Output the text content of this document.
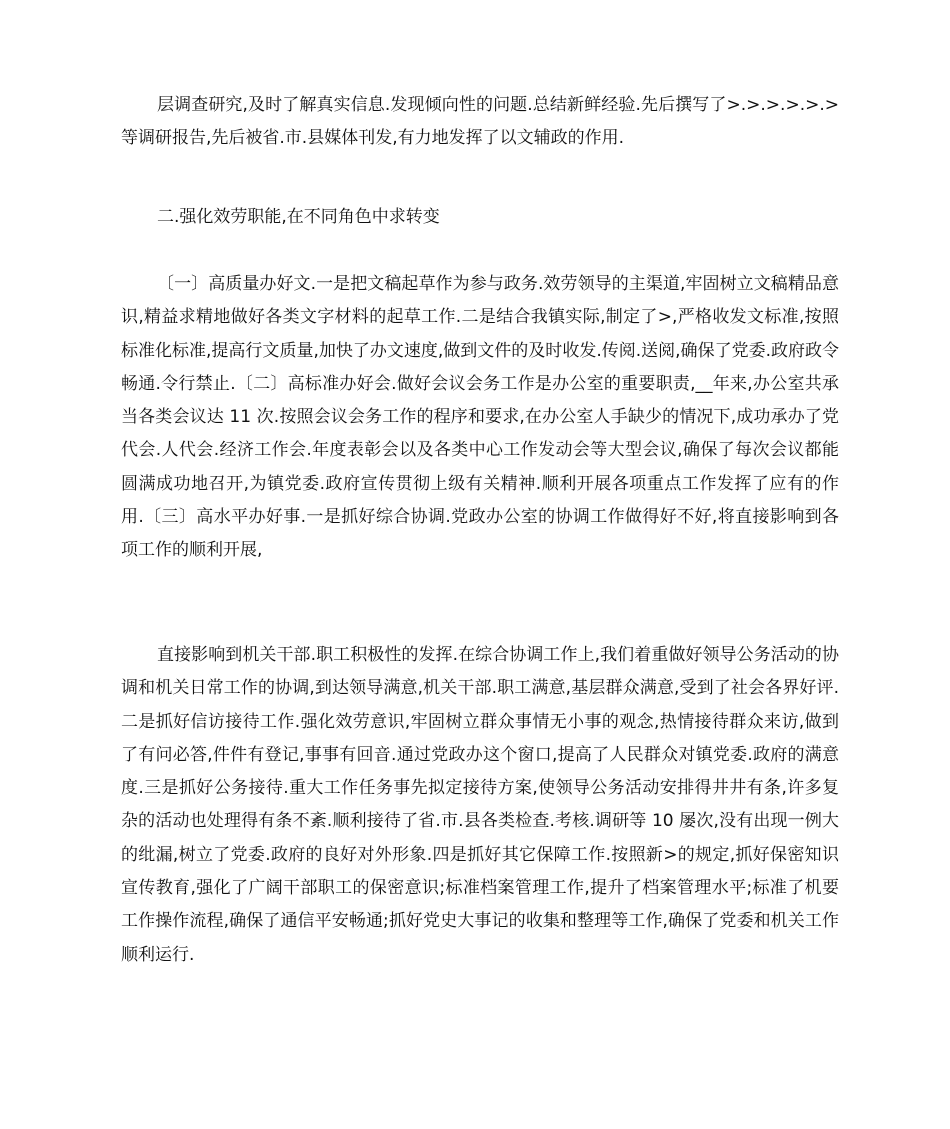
层调查研究,及时了解真实信息.发现倾向性的问题.总结新鲜经验.先后撰写了>.>.>.>.>.>等调研报告,先后被省.市.县媒体刊发,有力地发挥了以文辅政的作用.

二.强化效劳职能,在不同角色中求转变

〔一〕高质量办好文.一是把文稿起草作为参与政务.效劳领导的主渠道,牢固树立文稿精品意识,精益求精地做好各类文字材料的起草工作.二是结合我镇实际,制定了>,严格收发文标准,按照标准化标准,提高行文质量,加快了办文速度,做到文件的及时收发.传阅.送阅,确保了党委.政府政令畅通.令行禁止.〔二〕高标准办好会.做好会议会务工作是办公室的重要职责,__年来,办公室共承当各类会议达 11 次.按照会议会务工作的程序和要求,在办公室人手缺少的情况下,成功承办了党代会.人代会.经济工作会.年度表彰会以及各类中心工作发动会等大型会议,确保了每次会议都能圆满成功地召开,为镇党委.政府宣传贯彻上级有关精神.顺利开展各项重点工作发挥了应有的作用.〔三〕高水平办好事.一是抓好综合协调.党政办公室的协调工作做得好不好,将直接影响到各项工作的顺利开展,

直接影响到机关干部.职工积极性的发挥.在综合协调工作上,我们着重做好领导公务活动的协调和机关日常工作的协调,到达领导满意,机关干部.职工满意,基层群众满意,受到了社会各界好评.二是抓好信访接待工作.强化效劳意识,牢固树立群众事情无小事的观念,热情接待群众来访,做到了有问必答,件件有登记,事事有回音.通过党政办这个窗口,提高了人民群众对镇党委.政府的满意度.三是抓好公务接待.重大工作任务事先拟定接待方案,使领导公务活动安排得井井有条,许多复杂的活动也处理得有条不紊.顺利接待了省.市.县各类检查.考核.调研等 10 屡次,没有出现一例大的纰漏,树立了党委.政府的良好对外形象.四是抓好其它保障工作.按照新>的规定,抓好保密知识宣传教育,强化了广阔干部职工的保密意识;标准档案管理工作,提升了档案管理水平;标准了机要工作操作流程,确保了通信平安畅通;抓好党史大事记的收集和整理等工作,确保了党委和机关工作顺利运行.
